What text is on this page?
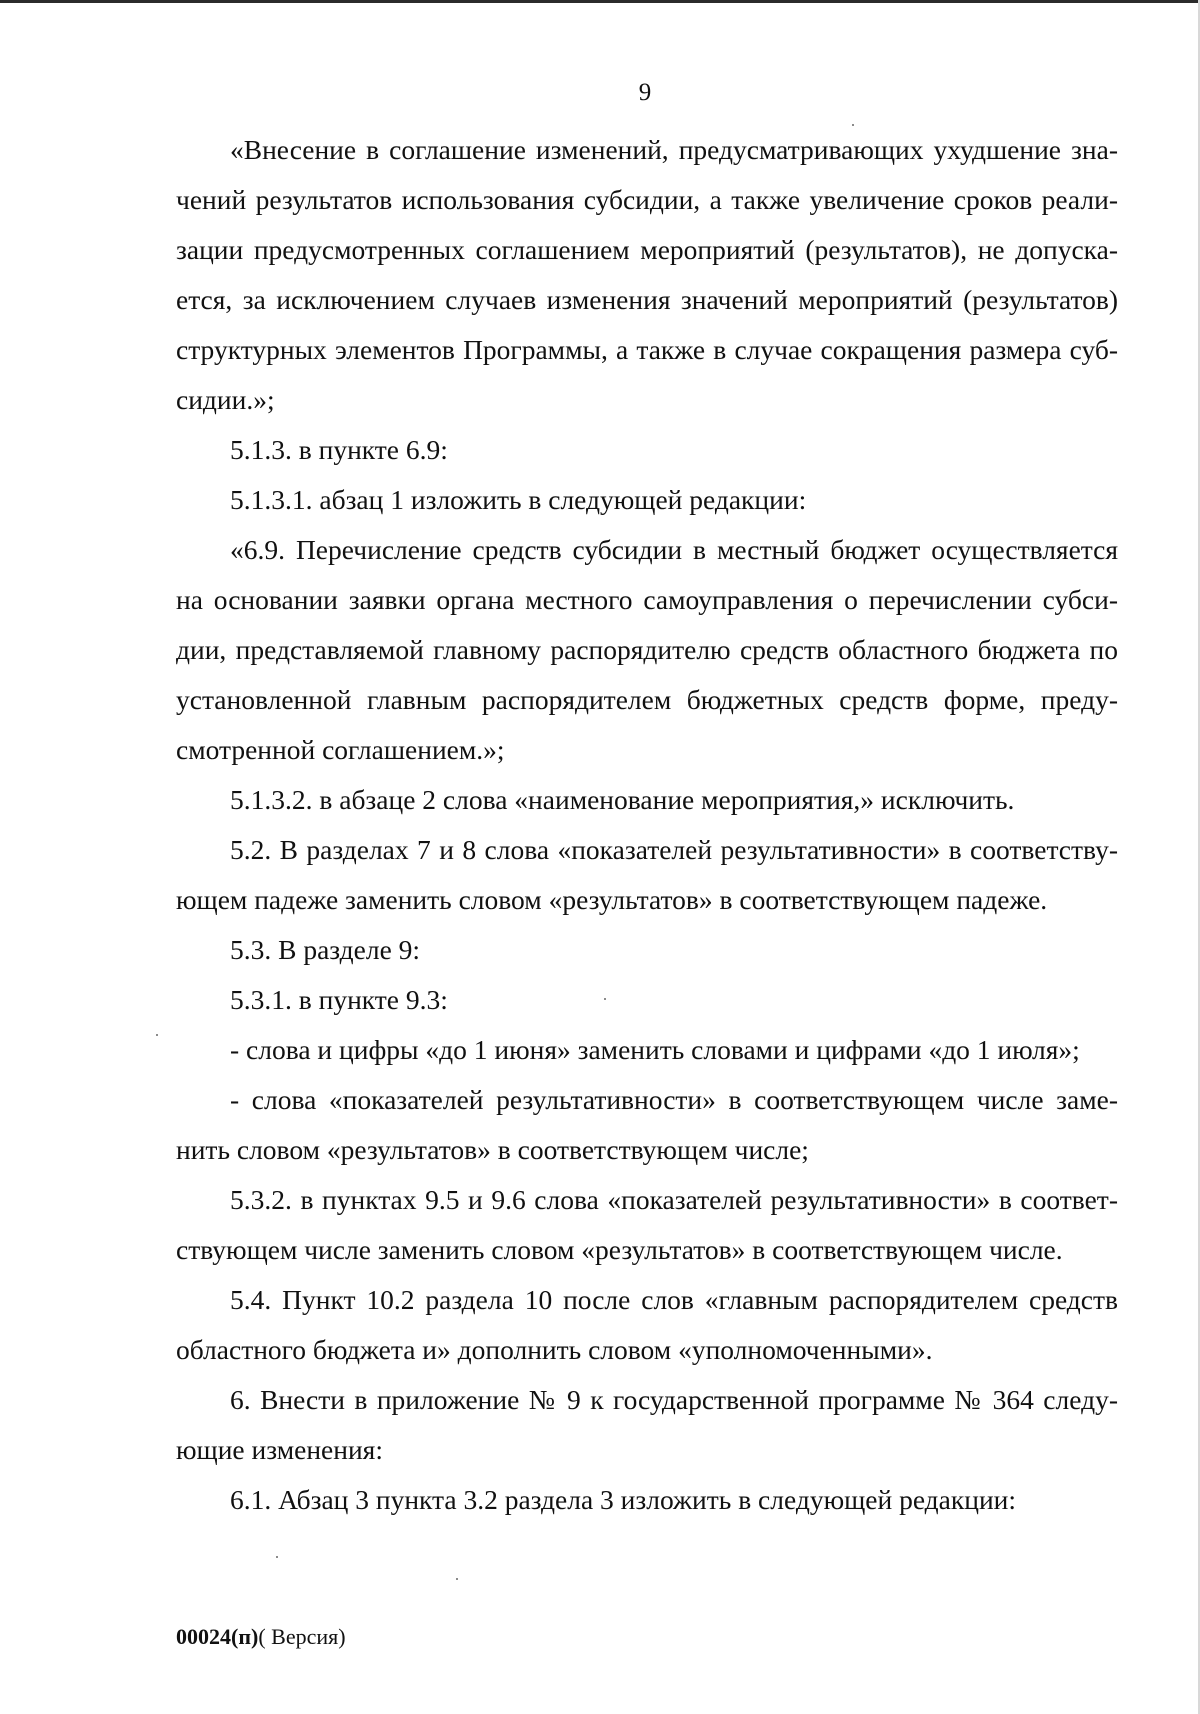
9

«Внесение в соглашение изменений, предусматривающих ухудшение значений результатов использования субсидии, а также увеличение сроков реализации предусмотренных соглашением мероприятий (результатов), не допускается, за исключением случаев изменения значений мероприятий (результатов) структурных элементов Программы, а также в случае сокращения размера субсидии.»;

5.1.3. в пункте 6.9:

5.1.3.1. абзац 1 изложить в следующей редакции:

«6.9. Перечисление средств субсидии в местный бюджет осуществляется на основании заявки органа местного самоуправления о перечислении субсидии, представляемой главному распорядителю средств областного бюджета по установленной главным распорядителем бюджетных средств форме, предусмотренной соглашением.»;

5.1.3.2. в абзаце 2 слова «наименование мероприятия,» исключить.

5.2. В разделах 7 и 8 слова «показателей результативности» в соответствующем падеже заменить словом «результатов» в соответствующем падеже.

5.3. В разделе 9:

5.3.1. в пункте 9.3:

- слова и цифры «до 1 июня» заменить словами и цифрами «до 1 июля»;

- слова «показателей результативности» в соответствующем числе заменить словом «результатов» в соответствующем числе;

5.3.2. в пунктах 9.5 и 9.6 слова «показателей результативности» в соответствующем числе заменить словом «результатов» в соответствующем числе.

5.4. Пункт 10.2 раздела 10 после слов «главным распорядителем средств областного бюджета и» дополнить словом «уполномоченными».

6. Внести в приложение № 9 к государственной программе № 364 следующие изменения:

6.1. Абзац 3 пункта 3.2 раздела 3 изложить в следующей редакции:

00024(п)( Версия)
